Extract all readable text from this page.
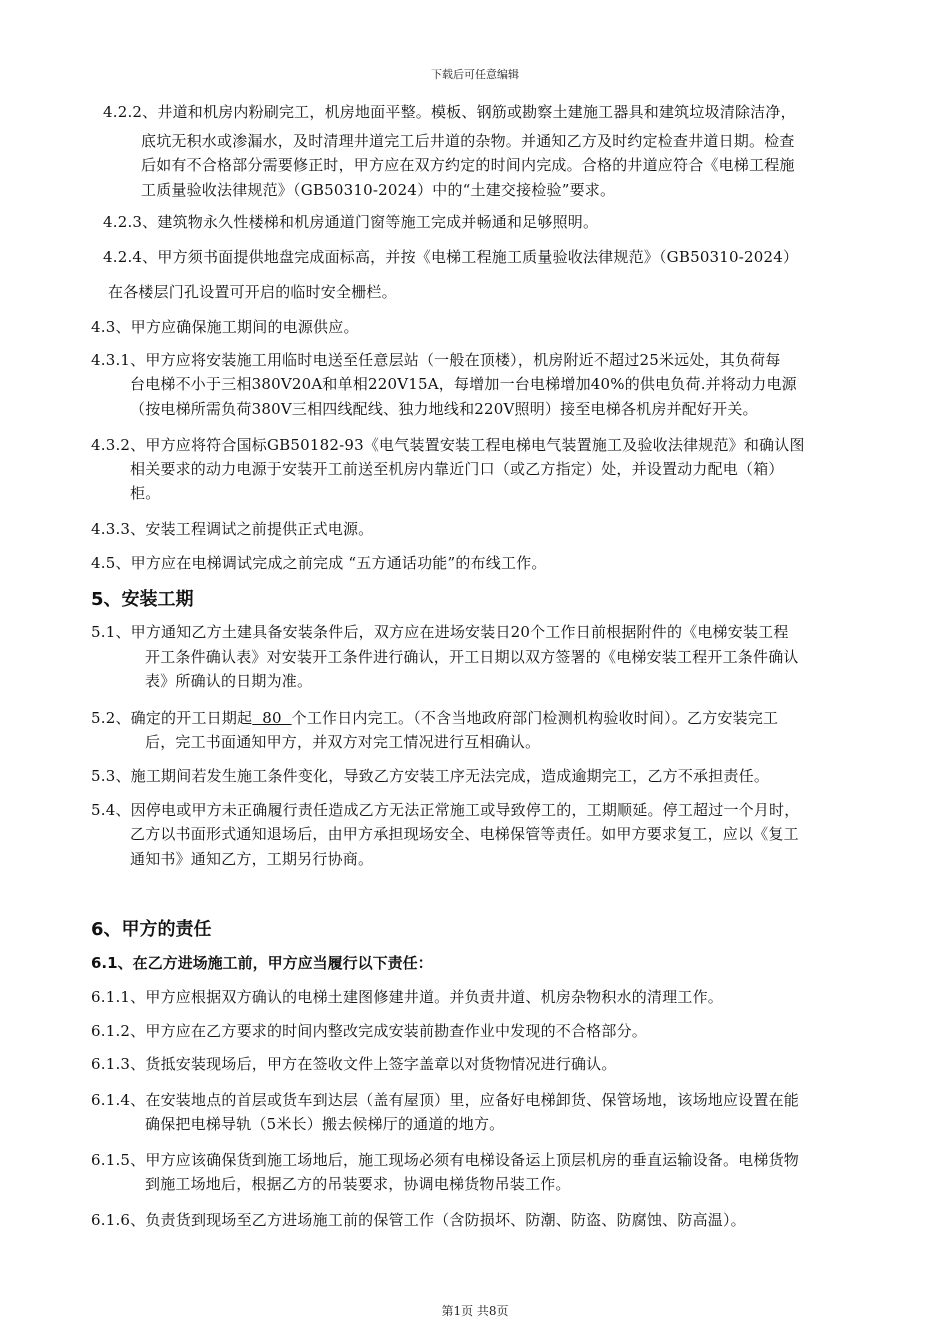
下载后可任意编辑
4.2.2、井道和机房内粉刷完工，机房地面平整。模板、钢筋或勘察土建施工器具和建筑垃圾清除洁净，
底坑无积水或渗漏水，及时清理井道完工后井道的杂物。并通知乙方及时约定检查井道日期。检查
后如有不合格部分需要修正时，甲方应在双方约定的时间内完成。合格的井道应符合《电梯工程施
工质量验收法律规范》（GB50310-2024）中的“土建交接检验”要求。
4.2.3、建筑物永久性楼梯和机房通道门窗等施工完成并畅通和足够照明。
4.2.4、甲方须书面提供地盘完成面标高，并按《电梯工程施工质量验收法律规范》（GB50310-2024）
在各楼层门孔设置可开启的临时安全栅栏。
4.3、甲方应确保施工期间的电源供应。
4.3.1、甲方应将安装施工用临时电送至任意层站（一般在顶楼），机房附近不超过25米远处，其负荷每
台电梯不小于三相380V20A和单相220V15A，每增加一台电梯增加40%的供电负荷.并将动力电源
（按电梯所需负荷380V三相四线配线、独力地线和220V照明）接至电梯各机房并配好开关。
4.3.2、甲方应将符合国标GB50182-93《电气装置安装工程电梯电气装置施工及验收法律规范》和确认图
相关要求的动力电源于安装开工前送至机房内靠近门口（或乙方指定）处，并设置动力配电（箱）
柜。
4.3.3、安装工程调试之前提供正式电源。
4.5、甲方应在电梯调试完成之前完成 “五方通话功能”的布线工作。
5、安装工期
5.1、甲方通知乙方土建具备安装条件后，双方应在进场安装日20个工作日前根据附件的《电梯安装工程
开工条件确认表》对安装开工条件进行确认，开工日期以双方签署的《电梯安装工程开工条件确认
表》所确认的日期为准。
5.2、确定的开工日期起  80  个工作日内完工。（不含当地政府部门检测机构验收时间）。乙方安装完工
后，完工书面通知甲方，并双方对完工情况进行互相确认。
5.3、施工期间若发生施工条件变化，导致乙方安装工序无法完成，造成逾期完工，乙方不承担责任。
5.4、因停电或甲方未正确履行责任造成乙方无法正常施工或导致停工的，工期顺延。停工超过一个月时，
乙方以书面形式通知退场后，由甲方承担现场安全、电梯保管等责任。如甲方要求复工，应以《复工
通知书》通知乙方，工期另行协商。
6、甲方的责任
6.1、在乙方进场施工前，甲方应当履行以下责任：
6.1.1、甲方应根据双方确认的电梯土建图修建井道。并负责井道、机房杂物积水的清理工作。
6.1.2、甲方应在乙方要求的时间内整改完成安装前勘查作业中发现的不合格部分。
6.1.3、货抵安装现场后，甲方在签收文件上签字盖章以对货物情况进行确认。
6.1.4、在安装地点的首层或货车到达层（盖有屋顶）里，应备好电梯卸货、保管场地，该场地应设置在能
确保把电梯导轨（5米长）搬去候梯厅的通道的地方。
6.1.5、甲方应该确保货到施工场地后，施工现场必须有电梯设备运上顶层机房的垂直运输设备。电梯货物
到施工场地后，根据乙方的吊装要求，协调电梯货物吊装工作。
6.1.6、负责货到现场至乙方进场施工前的保管工作（含防损坏、防潮、防盗、防腐蚀、防高温）。
第1页 共8页
